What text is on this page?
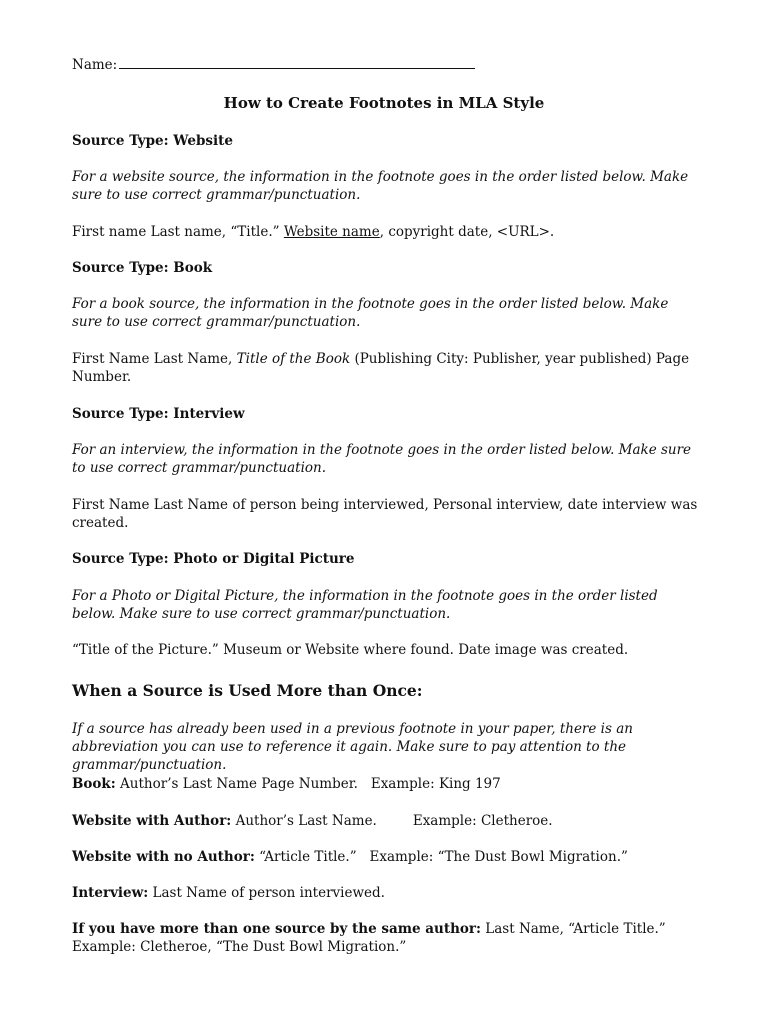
Name:
How to Create Footnotes in MLA Style
Source Type: Website
For a website source, the information in the footnote goes in the order listed below. Make sure to use correct grammar/punctuation.
First name Last name, “Title.” Website name, copyright date, <URL>.
Source Type: Book
For a book source, the information in the footnote goes in the order listed below. Make sure to use correct grammar/punctuation.
First Name Last Name, Title of the Book (Publishing City: Publisher, year published) Page Number.
Source Type: Interview
For an interview, the information in the footnote goes in the order listed below. Make sure to use correct grammar/punctuation.
First Name Last Name of person being interviewed, Personal interview, date interview was created.
Source Type: Photo or Digital Picture
For a Photo or Digital Picture, the information in the footnote goes in the order listed below. Make sure to use correct grammar/punctuation.
“Title of the Picture.” Museum or Website where found. Date image was created.
When a Source is Used More than Once:
If a source has already been used in a previous footnote in your paper, there is an abbreviation you can use to reference it again. Make sure to pay attention to the grammar/punctuation.
Book: Author’s Last Name Page Number.   Example: King 197
Website with Author: Author’s Last Name.	Example: Cletheroe.
Website with no Author: “Article Title.”   Example: “The Dust Bowl Migration.”
Interview: Last Name of person interviewed.
If you have more than one source by the same author: Last Name, “Article Title.”
Example: Cletheroe, “The Dust Bowl Migration.”
